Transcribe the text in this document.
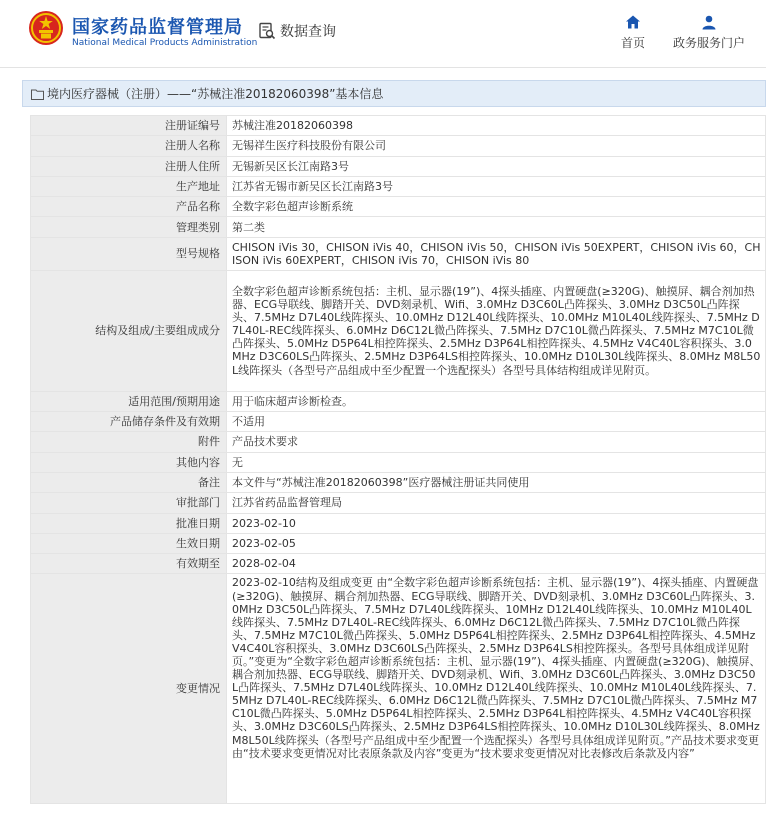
国家药品监督管理局
National Medical Products Administration
数据查询
首页	政务服务门户
境内医疗器械（注册）——“苏械注准20182060398”基本信息
注册证编号	苏械注准20182060398
注册人名称	无锡祥生医疗科技股份有限公司
注册人住所	无锡新吴区长江南路3号
生产地址	江苏省无锡市新吴区长江南路3号
产品名称	全数字彩色超声诊断系统
管理类别	第二类
型号规格	CHISON iVis 30，CHISON iVis 40，CHISON iVis 50，CHISON iVis 50EXPERT，CHISON iVis 60，CHISON iVis 60EXPERT，CHISON iVis 70，CHISON iVis 80
结构及组成/主要组成成分	全数字彩色超声诊断系统包括：主机、显示器(19”)、4探头插座、内置硬盘(≥320G)、触摸屏、耦合剂加热器、ECG导联线、脚踏开关、DVD刻录机、Wifi、3.0MHz D3C60L凸阵探头、3.0MHz D3C50L凸阵探头、7.5MHz D7L40L线阵探头、10.0MHz D12L40L线阵探头、10.0MHz M10L40L线阵探头、7.5MHz D7L40L-REC线阵探头、6.0MHz D6C12L微凸阵探头、7.5MHz D7C10L微凸阵探头、7.5MHz M7C10L微凸阵探头、5.0MHz D5P64L相控阵探头、2.5MHz D3P64L相控阵探头、4.5MHz V4C40L容积探头、3.0MHz D3C60LS凸阵探头、2.5MHz D3P64LS相控阵探头、10.0MHz D10L30L线阵探头、8.0MHz M8L50L线阵探头（各型号产品组成中至少配置一个选配探头）各型号具体结构组成详见附页。
适用范围/预期用途	用于临床超声诊断检查。
产品储存条件及有效期	不适用
附件	产品技术要求
其他内容	无
备注	本文件与“苏械注准20182060398”医疗器械注册证共同使用
审批部门	江苏省药品监督管理局
批准日期	2023-02-10
生效日期	2023-02-05
有效期至	2028-02-04
变更情况	2023-02-10结构及组成变更 由“全数字彩色超声诊断系统包括：主机、显示器(19”)、4探头插座、内置硬盘(≥320G)、触摸屏、耦合剂加热器、ECG导联线、脚踏开关、DVD刻录机、3.0MHz D3C60L凸阵探头、3.0MHz D3C50L凸阵探头、7.5MHz D7L40L线阵探头、10MHz D12L40L线阵探头、10.0MHz M10L40L线阵探头、7.5MHz D7L40L-REC线阵探头、6.0MHz D6C12L微凸阵探头、7.5MHz D7C10L微凸阵探头、7.5MHz M7C10L微凸阵探头、5.0MHz D5P64L相控阵探头、2.5MHz D3P64L相控阵探头、4.5MHz V4C40L容积探头、3.0MHz D3C60LS凸阵探头、2.5MHz D3P64LS相控阵探头。各型号具体组成详见附页。”变更为“全数字彩色超声诊断系统包括：主机、显示器(19”)、4探头插座、内置硬盘(≥320G)、触摸屏、耦合剂加热器、ECG导联线、脚踏开关、DVD刻录机、Wifi、3.0MHz D3C60L凸阵探头、3.0MHz D3C50L凸阵探头、7.5MHz D7L40L线阵探头、10.0MHz D12L40L线阵探头、10.0MHz M10L40L线阵探头、7.5MHz D7L40L-REC线阵探头、6.0MHz D6C12L微凸阵探头、7.5MHz D7C10L微凸阵探头、7.5MHz M7C10L微凸阵探头、5.0MHz D5P64L相控阵探头、2.5MHz D3P64L相控阵探头、4.5MHz V4C40L容积探头、3.0MHz D3C60LS凸阵探头、2.5MHz D3P64LS相控阵探头、10.0MHz D10L30L线阵探头、8.0MHz M8L50L线阵探头（各型号产品组成中至少配置一个选配探头）各型号具体组成详见附页。”产品技术要求变更 由“技术要求变更情况对比表原条款及内容”变更为“技术要求变更情况对比表修改后条款及内容”
